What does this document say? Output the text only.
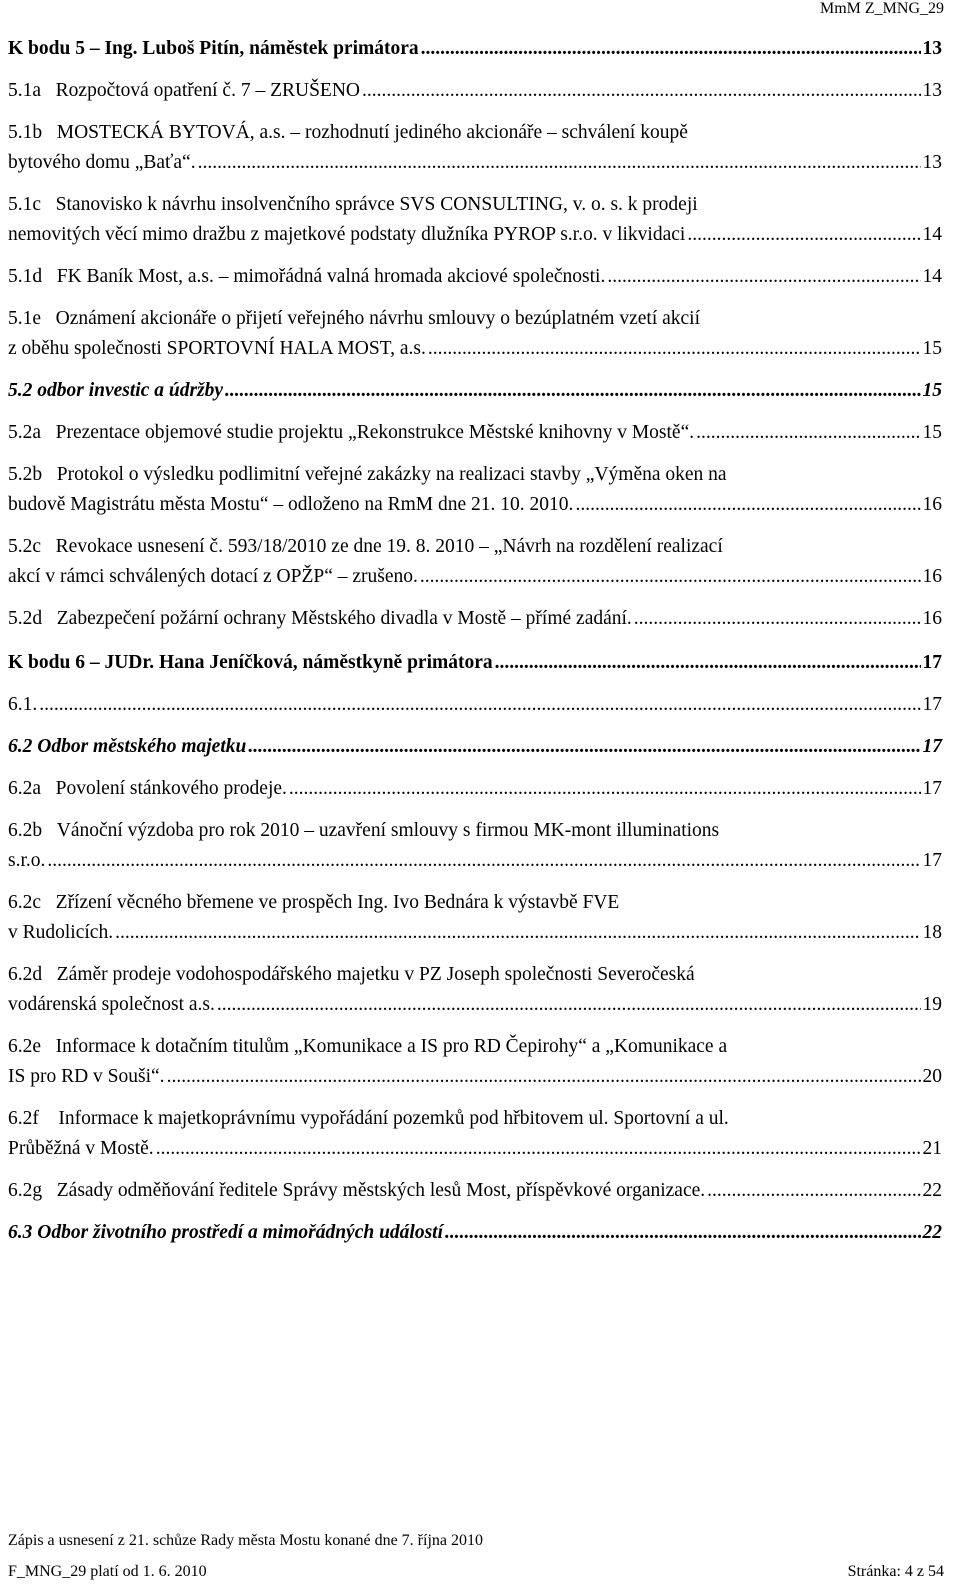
MmM Z_MNG_29
K bodu 5 – Ing. Luboš Pitín, náměstek primátora .....	13
5.1a   Rozpočtová opatření č. 7 – ZRUŠENO .....	13
5.1b   MOSTECKÁ BYTOVÁ, a.s. – rozhodnutí jediného akcionáře – schválení koupě
bytového domu „Baťa“. .....	13
5.1c   Stanovisko k návrhu insolvenčního správce SVS CONSULTING, v. o. s. k prodeji
nemovitých věcí mimo dražbu z majetkové podstaty dlužníka PYROP s.r.o. v likvidaci .....	14
5.1d   FK Baník Most, a.s. – mimořádná valná hromada akciové společnosti. .....	14
5.1e   Oznámení akcionáře o přijetí veřejného návrhu smlouvy o bezúplatném vzetí akcií
z oběhu společnosti SPORTOVNÍ HALA MOST, a.s. .....	15
5.2 odbor investic a údržby .....	15
5.2a   Prezentace objemové studie projektu „Rekonstrukce Městské knihovny v Mostě“. .....	15
5.2b   Protokol o výsledku podlimitní veřejné zakázky na realizaci stavby „Výměna oken na
budově Magistrátu města Mostu“ – odloženo na RmM dne 21. 10. 2010. .....	16
5.2c   Revokace usnesení č. 593/18/2010 ze dne 19. 8. 2010 – „Návrh na rozdělení realizací
akcí v rámci schválených dotací z OPŽP“ – zrušeno. .....	16
5.2d   Zabezpečení požární ochrany Městského divadla v Mostě – přímé zadání. .....	16
K bodu 6 – JUDr. Hana Jeníčková, náměstkyně primátora .....	17
6.1. .....	17
6.2 Odbor městského majetku .....	17
6.2a   Povolení stánkového prodeje. .....	17
6.2b   Vánoční výzdoba pro rok 2010 – uzavření smlouvy s firmou MK-mont illuminations
s.r.o. .....	17
6.2c   Zřízení věcného břemene ve prospěch Ing. Ivo Bednára k výstavbě FVE
v Rudolicích. .....	18
6.2d   Záměr prodeje vodohospodářského majetku v PZ Joseph společnosti Severočeská
vodárenská společnost a.s. .....	19
6.2e   Informace k dotačním titulům „Komunikace a IS pro RD Čepirohy“ a „Komunikace a
IS pro RD v Souši“. .....	20
6.2f    Informace k majetkoprávnímu vypořádání pozemků pod hřbitovem ul. Sportovní a ul.
Průběžná v Mostě. .....	21
6.2g   Zásady odměňování ředitele Správy městských lesů Most, příspěvkové organizace. .....	22
6.3 Odbor životního prostředí a mimořádných událostí .....	22
Zápis a usnesení z 21. schůze Rady města Mostu konané dne 7. října 2010
F_MNG_29 platí od 1. 6. 2010	Stránka: 4 z 54
